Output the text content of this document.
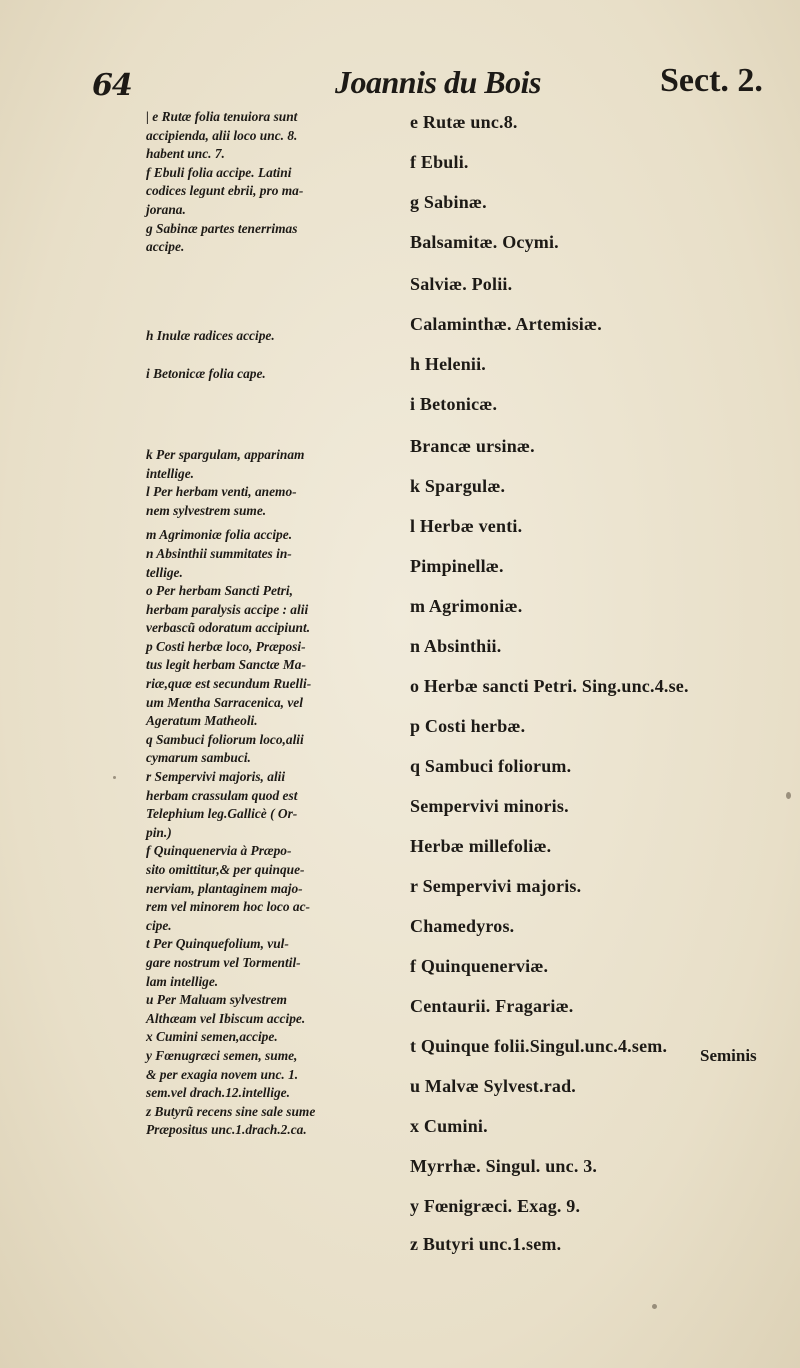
64	Joannis du Bois	Sect. 2.

| e Rutæ folia tenuiora sunt
accipienda, alii loco unc. 8.
habent unc. 7.

f Ebuli folia accipe. Latini
codices legunt ebrii, pro ma-
jorana.

g Sabinæ partes tenerrimas
accipe.

h Inulæ radices accipe.

i Betonicæ folia cape.

k Per spargulam, apparinam
intellige.

l Per herbam venti, anemo-
nem sylvestrem sume.

m Agrimoniæ folia accipe.

n Absinthii summitates in-
tellige.

o Per herbam Sancti Petri,
herbam paralysis accipe : alii
verbascũ odoratum accipiunt.

p Costi herbæ loco, Præposi-
tus legit herbam Sanctæ Ma-
riæ,quæ est secundum Ruelli-
um Mentha Sarracenica, vel
Ageratum Matheoli.

q Sambuci foliorum loco,alii
cymarum sambuci.

r Sempervivi majoris, alii
herbam crassulam quod est
Telephium leg.Gallicè ( Or-
pin.)

f Quinquenervia à Præpo-
sito omittitur,& per quinque-
nerviam, plantaginem majo-
rem vel minorem hoc loco ac-
cipe.

t Per Quinquefolium, vul-
gare nostrum vel Tormentil-
lam intellige.

u Per Maluam sylvestrem
Althæam vel Ibiscum accipe.

x Cumini semen,accipe.

y Fœnugræci semen, sume,
& per exagia novem unc. 1.
sem.vel drach.12.intellige.

z Butyrũ recens sine sale sume
Præpositus unc.1.drach.2.ca.

e Rutæ unc.8.
f Ebuli.
g Sabinæ.
Balsamitæ. Ocymi.
Salviæ. Polii.
Calaminthæ. Artemisiæ.
h Helenii.
i Betonicæ.
Brancæ ursinæ.
k Spargulæ.
l Herbæ venti.
Pimpinellæ.
m Agrimoniæ.
n Absinthii.
o Herbæ sancti Petri. Sing.unc.4.se.
p Costi herbæ.
q Sambuci foliorum.
Sempervivi minoris.
Herbæ millefoliæ.
r Sempervivi majoris.
Chamedyros.
f Quinquenerviæ.
Centaurii. Fragariæ.
t Quinque folii.Singul.unc.4.sem.
u Malvæ Sylvest.rad.
x Cumini.
Myrrhæ. Singul. unc. 3.
y Fœnigræci. Exag. 9.
z Butyri unc.1.sem.
Seminis
